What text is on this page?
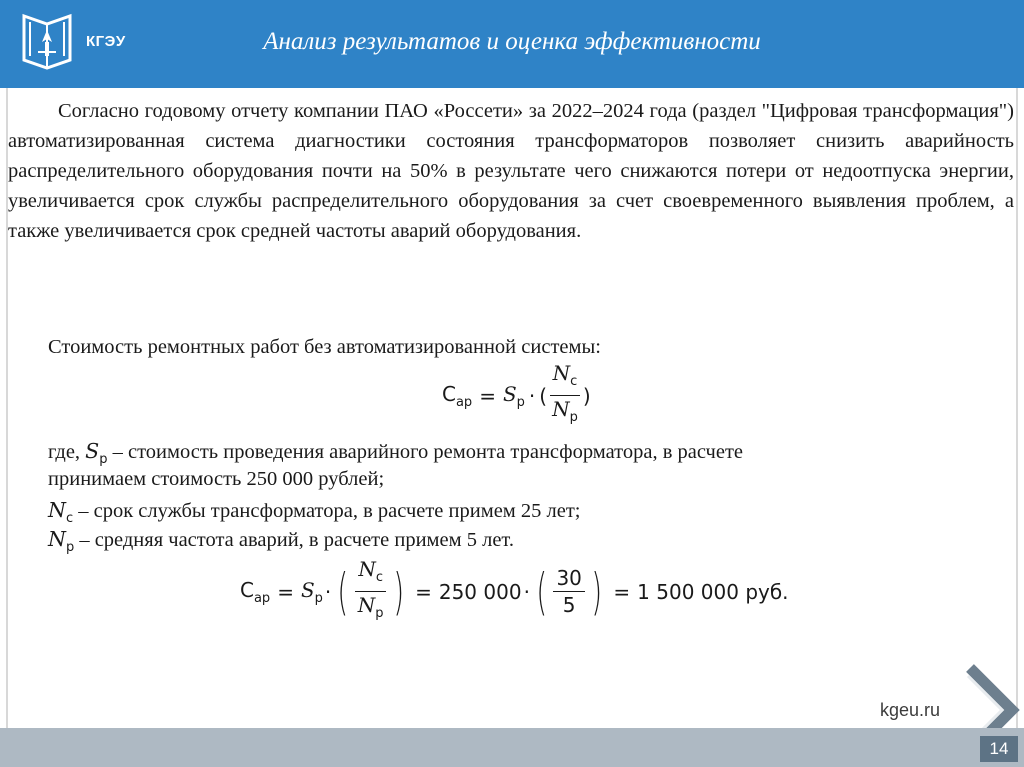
КГЭУ	Анализ результатов и оценка эффективности

Согласно годовому отчету компании ПАО «Россети» за 2022–2024 года (раздел "Цифровая трансформация") автоматизированная система диагностики состояния трансформаторов позволяет снизить аварийность распределительного оборудования почти на 50% в результате чего снижаются потери от недоотпуска энергии, увеличивается срок службы распределительного оборудования за счет своевременного выявления проблем, а также увеличивается срок средней частоты аварий оборудования.

Стоимость ремонтных работ без автоматизированной системы:
$С_{ар} = S_р$ · ( $\frac{N_c}{N_р}$ )
где, $S_р$ – стоимость проведения аварийного ремонта трансформатора, в расчете
принимаем стоимость 250 000 рублей;
$N_c$ – срок службы трансформатора, в расчете примем 25 лет;
$N_р$ – средняя частота аварий, в расчете примем 5 лет.
$С_{ар} = S_р$ · ( $\frac{N_c}{N_р}$ ) = 250 000 · ( $\frac{30}{5}$ ) = 1 500 000 руб.
kgeu.ru
14
